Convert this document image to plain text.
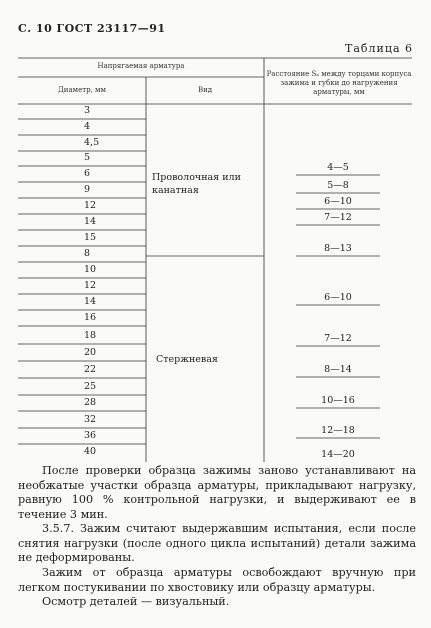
С. 10 ГОСТ 23117—91
Таблица 6
Напрягаемая арматура
Диаметр, мм	Вид
Расстояние Sₐ между торцами корпуса зажима и губки до нагружения арматуры, мм
3
4
4,5
5
6
9
12
14
15
8
10
12
14
16
18
20
22
25
28
32
36
40
4—5
5—8
6—10
7—12
8—13
6—10
7—12
8—14
10—16
12—18
14—20
Проволочная или канатная
Стержневая
После проверки образца зажимы заново устанавливают на необжатые участки образца арматуры, прикладывают нагрузку, равную 100 % контрольной нагрузки, и выдерживают ее в течение 3 мин.
3.5.7. Зажим считают выдержавшим испытания, если после снятия нагрузки (после одного цикла испытаний) детали зажима не деформированы.
Зажим от образца арматуры освобождают вручную при легком постукивании по хвостовику или образцу арматуры.
Осмотр деталей — визуальный.
